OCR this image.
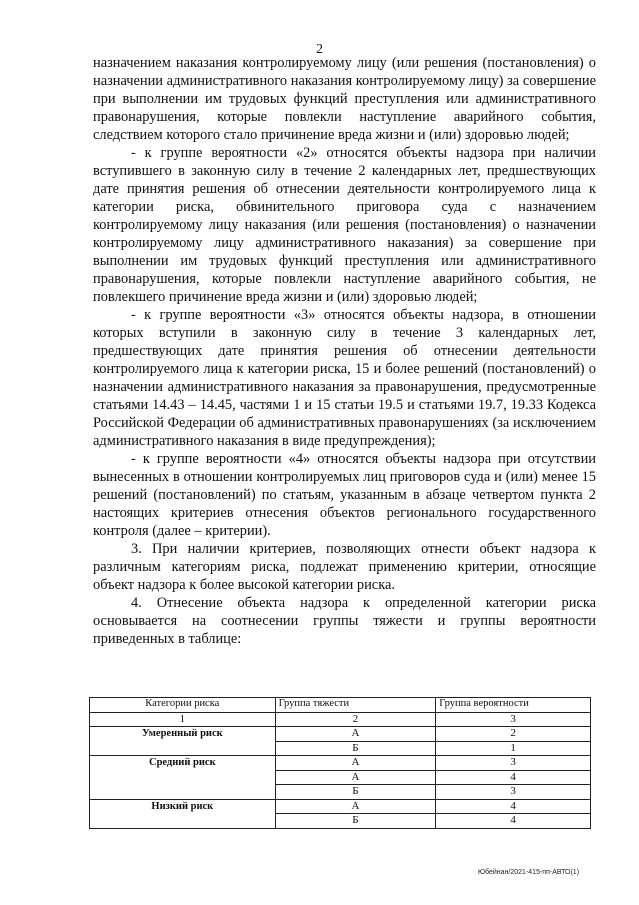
2

назначением наказания контролируемому лицу (или решения (постановления) о назначении административного наказания контролируемому лицу) за совершение при выполнении им трудовых функций преступления или административного правонарушения, которые повлекли наступление аварийного события, следствием которого стало причинение вреда жизни и (или) здоровью людей;

- к группе вероятности «2» относятся объекты надзора при наличии вступившего в законную силу в течение 2 календарных лет, предшествующих дате принятия решения об отнесении деятельности контролируемого лица к категории риска, обвинительного приговора суда с назначением контролируемому лицу наказания (или решения (постановления) о назначении контролируемому лицу административного наказания) за совершение при выполнении им трудовых функций преступления или административного правонарушения, которые повлекли наступление аварийного события, не повлекшего причинение вреда жизни и (или) здоровью людей;

- к группе вероятности «3» относятся объекты надзора, в отношении которых вступили в законную силу в течение 3 календарных лет, предшествующих дате принятия решения об отнесении деятельности контролируемого лица к категории риска, 15 и более решений (постановлений) о назначении административного наказания за правонарушения, предусмотренные статьями 14.43 – 14.45, частями 1 и 15 статьи 19.5 и статьями 19.7, 19.33 Кодекса Российской Федерации об административных правонарушениях (за исключением административного наказания в виде предупреждения);

- к группе вероятности «4» относятся объекты надзора при отсутствии вынесенных в отношении контролируемых лиц приговоров суда и (или) менее 15 решений (постановлений) по статьям, указанным в абзаце четвертом пункта 2 настоящих критериев отнесения объектов регионального государственного контроля (далее – критерии).

3. При наличии критериев, позволяющих отнести объект надзора к различным категориям риска, подлежат применению критерии, относящие объект надзора к более высокой категории риска.

4. Отнесение объекта надзора к определенной категории риска основывается на соотнесении группы тяжести и группы вероятности приведенных в таблице:

Категории риска	Группа тяжести	Группа вероятности
1	2	3
Умеренный риск	А	2
	Б	1
Средний риск	А	3
	А	4
	Б	3
Низкий риск	А	4
	Б	4
Юбейнан/2021-415-пп-АВТО(1)
